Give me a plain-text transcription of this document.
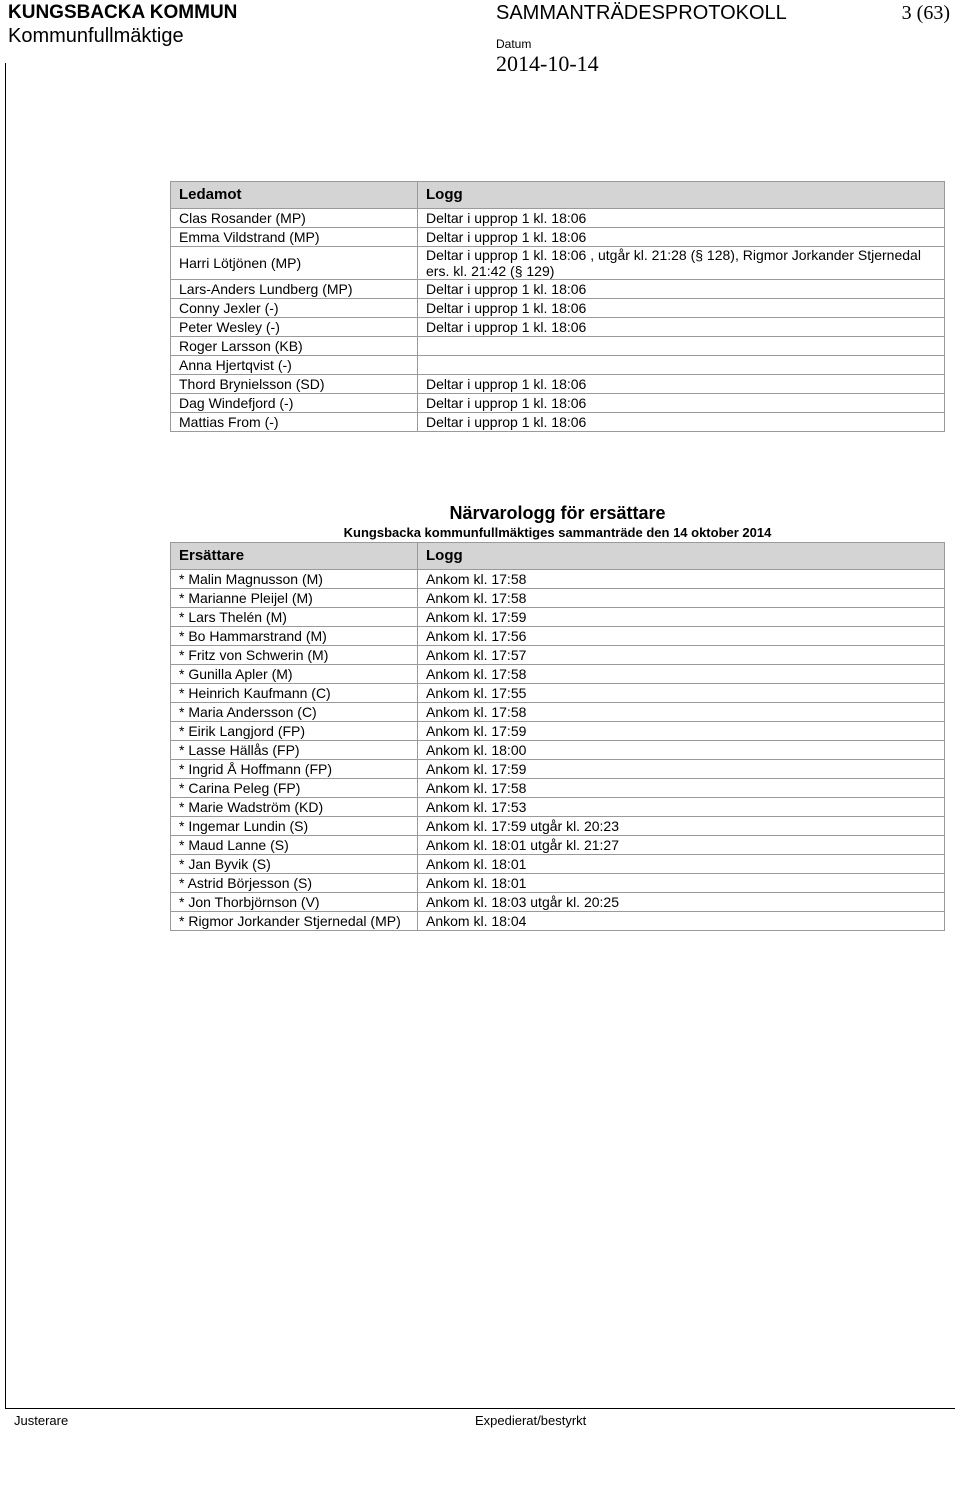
KUNGSBACKA KOMMUN
Kommunfullmäktige
SAMMANTRÄDESPROTOKOLL	3 (63)
Datum
2014-10-14
Ledamot	Logg
Clas Rosander (MP)	Deltar i upprop 1 kl. 18:06
Emma Vildstrand (MP)	Deltar i upprop 1 kl. 18:06
Harri Lötjönen (MP)	Deltar i upprop 1 kl. 18:06 , utgår kl. 21:28 (§ 128), Rigmor Jorkander Stjernedal ers. kl. 21:42 (§ 129)
Lars-Anders Lundberg (MP)	Deltar i upprop 1 kl. 18:06
Conny Jexler (-)	Deltar i upprop 1 kl. 18:06
Peter Wesley (-)	Deltar i upprop 1 kl. 18:06
Roger Larsson (KB)	
Anna Hjertqvist (-)	
Thord Brynielsson (SD)	Deltar i upprop 1 kl. 18:06
Dag Windefjord (-)	Deltar i upprop 1 kl. 18:06
Mattias From (-)	Deltar i upprop 1 kl. 18:06
Närvarologg för ersättare
Kungsbacka kommunfullmäktiges sammanträde den 14 oktober 2014
Ersättare	Logg
* Malin Magnusson (M)	Ankom kl. 17:58
* Marianne Pleijel (M)	Ankom kl. 17:58
* Lars Thelén (M)	Ankom kl. 17:59
* Bo Hammarstrand (M)	Ankom kl. 17:56
* Fritz von Schwerin (M)	Ankom kl. 17:57
* Gunilla Apler (M)	Ankom kl. 17:58
* Heinrich Kaufmann (C)	Ankom kl. 17:55
* Maria Andersson (C)	Ankom kl. 17:58
* Eirik Langjord (FP)	Ankom kl. 17:59
* Lasse Hällås (FP)	Ankom kl. 18:00
* Ingrid Å Hoffmann (FP)	Ankom kl. 17:59
* Carina Peleg (FP)	Ankom kl. 17:58
* Marie Wadström (KD)	Ankom kl. 17:53
* Ingemar Lundin (S)	Ankom kl. 17:59 utgår kl. 20:23
* Maud Lanne (S)	Ankom kl. 18:01 utgår kl. 21:27
* Jan Byvik (S)	Ankom kl. 18:01
* Astrid Börjesson (S)	Ankom kl. 18:01
* Jon Thorbjörnson (V)	Ankom kl. 18:03 utgår kl. 20:25
* Rigmor Jorkander Stjernedal (MP)	Ankom kl. 18:04
Justerare	Expedierat/bestyrkt
